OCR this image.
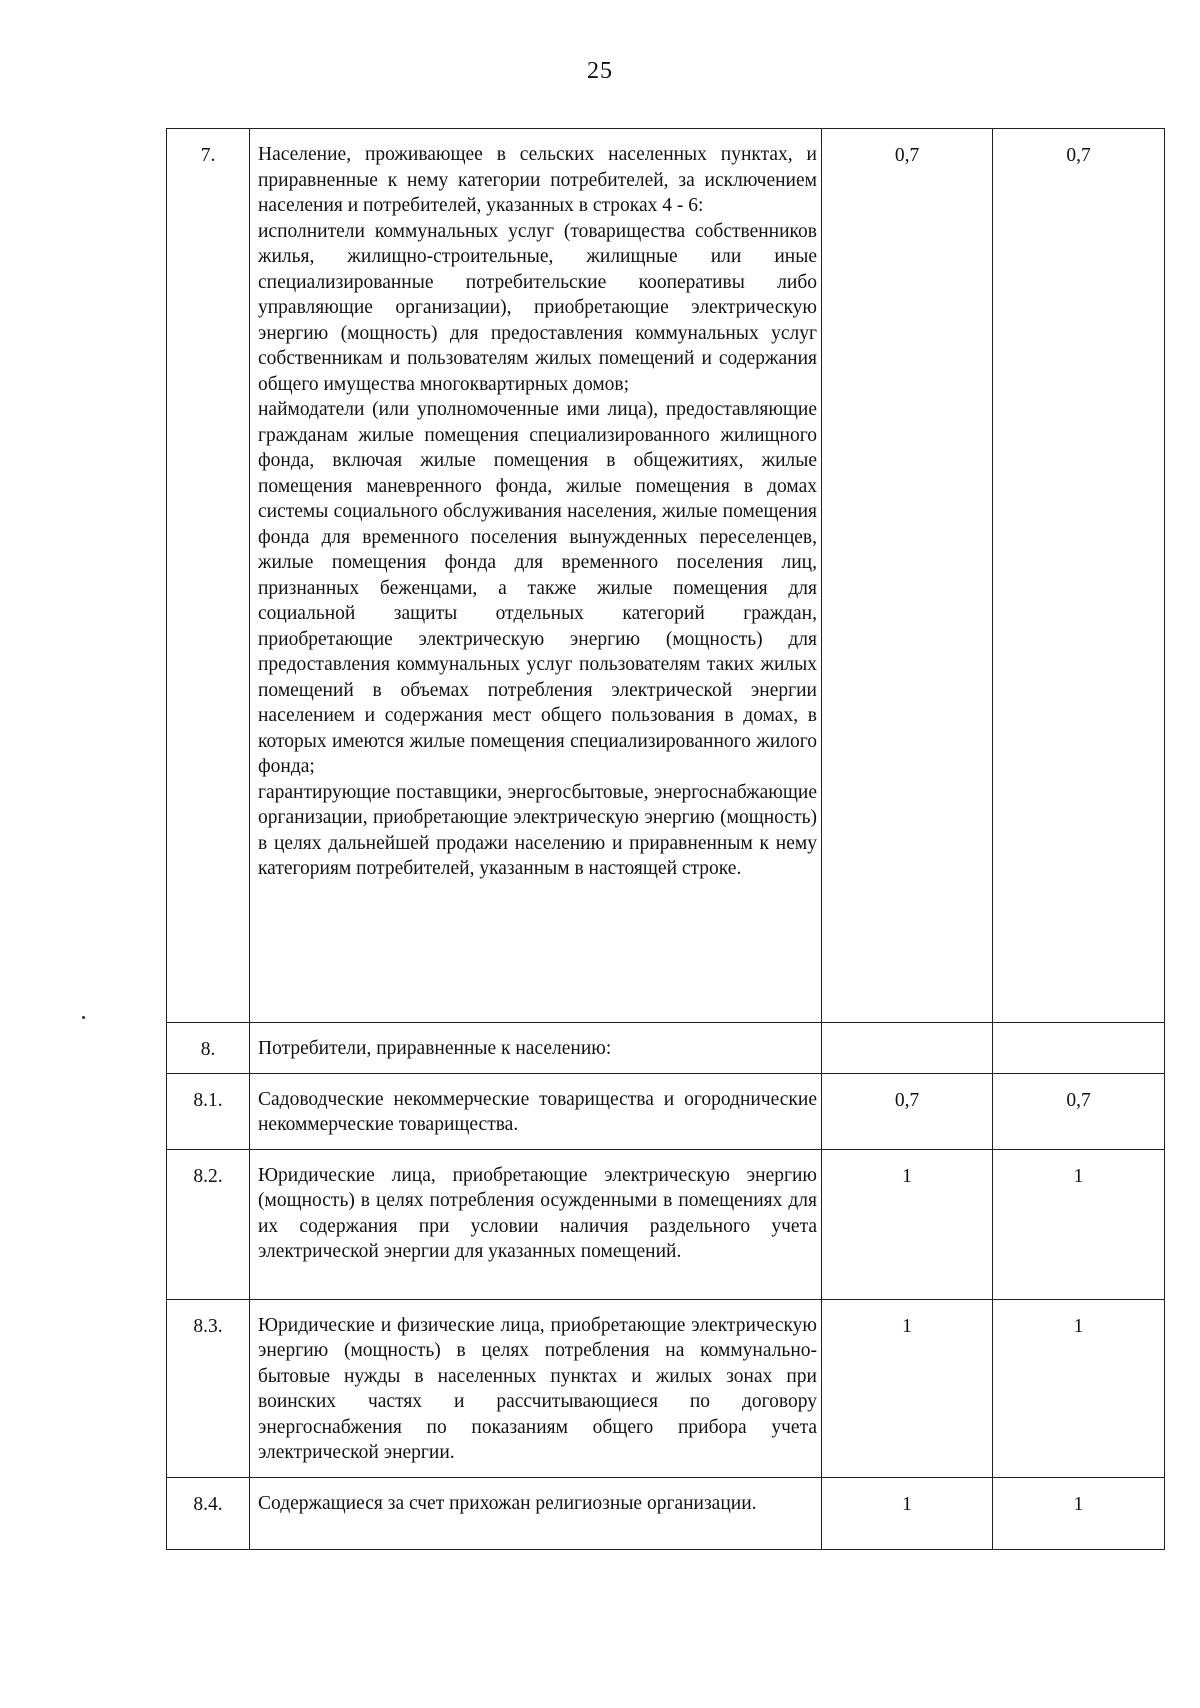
25
7.	Население, проживающее в сельских населенных пунктах, и приравненные к нему категории потребителей, за исключением населения и потребителей, указанных в строках 4 - 6:
исполнители коммунальных услуг (товарищества собственников жилья, жилищно-строительные, жилищные или иные специализированные потребительские кооперативы либо управляющие организации), приобретающие электрическую энергию (мощность) для предоставления коммунальных услуг собственникам и пользователям жилых помещений и содержания общего имущества многоквартирных домов;
наймодатели (или уполномоченные ими лица), предоставляющие гражданам жилые помещения специализированного жилищного фонда, включая жилые помещения в общежитиях, жилые помещения маневренного фонда, жилые помещения в домах системы социального обслуживания населения, жилые помещения фонда для временного поселения вынужденных переселенцев, жилые помещения фонда для временного поселения лиц, признанных беженцами, а также жилые помещения для социальной защиты отдельных категорий граждан, приобретающие электрическую энергию (мощность) для предоставления коммунальных услуг пользователям таких жилых помещений в объемах потребления электрической энергии населением и содержания мест общего пользования в домах, в которых имеются жилые помещения специализированного жилого фонда;
гарантирующие поставщики, энергосбытовые, энергоснабжающие организации, приобретающие электрическую энергию (мощность) в целях дальнейшей продажи населению и приравненным к нему категориям потребителей, указанным в настоящей строке.	0,7	0,7
8.	Потребители, приравненные к населению:		

8.1.	Садоводческие некоммерческие товарищества и огороднические некоммерческие товарищества.	0,7	0,7
8.2.	Юридические лица, приобретающие электрическую энергию (мощность) в целях потребления осужденными в помещениях для их содержания при условии наличия раздельного учета электрической энергии для указанных помещений.	1	1
8.3.	Юридические и физические лица, приобретающие электрическую энергию (мощность) в целях потребления на коммунально-бытовые нужды в населенных пунктах и жилых зонах при воинских частях и рассчитывающиеся по договору энергоснабжения по показаниям общего прибора учета электрической энергии.	1	1
8.4.	Содержащиеся за счет прихожан религиозные организации.	1	1
